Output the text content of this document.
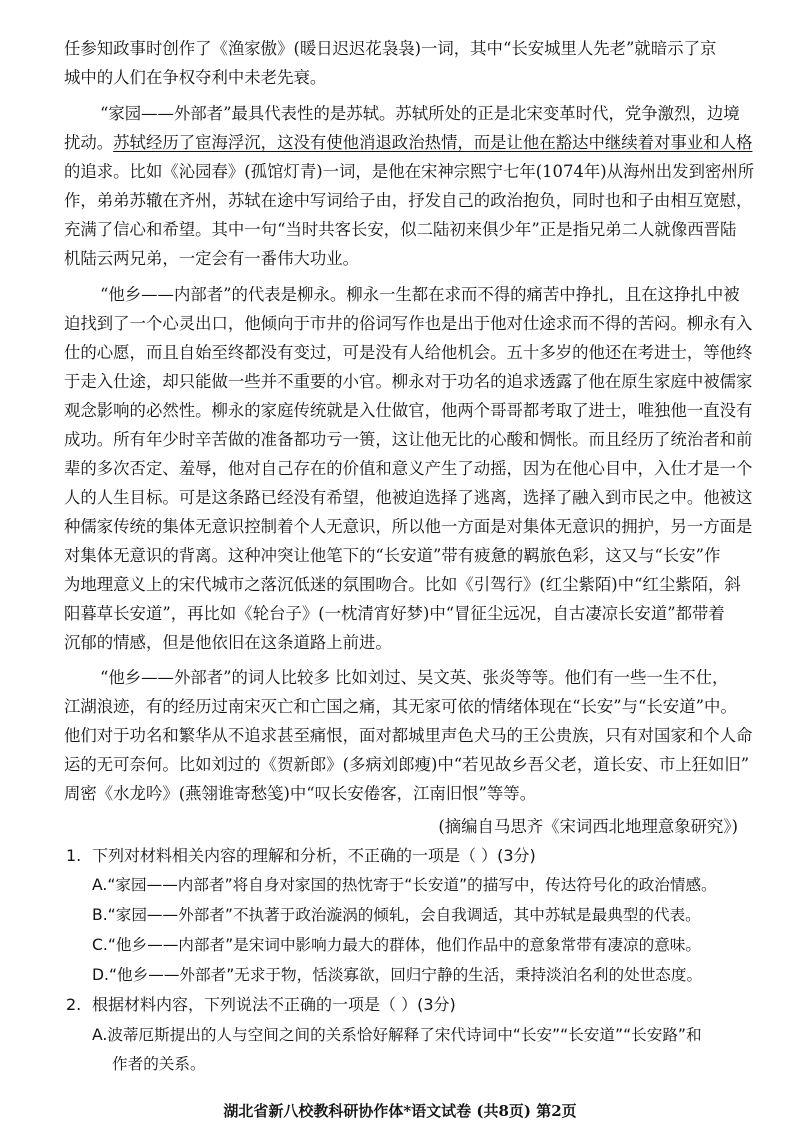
任参知政事时创作了《渔家傲》(暖日迟迟花袅袅)一词，其中“长安城里人先老”就暗示了京
城中的人们在争权夺利中未老先衰。
“家园——外部者”最具代表性的是苏轼。苏轼所处的正是北宋变革时代，党争激烈，边境
扰动。苏轼经历了宦海浮沉，这没有使他消退政治热情，而是让他在豁达中继续着对事业和人格
的追求。比如《沁园春》(孤馆灯青)一词，是他在宋神宗熙宁七年(1074年)从海州出发到密州所
作，弟弟苏辙在齐州，苏轼在途中写词给子由，抒发自己的政治抱负，同时也和子由相互宽慰，
充满了信心和希望。其中一句“当时共客长安，似二陆初来俱少年”正是指兄弟二人就像西晋陆
机陆云两兄弟，一定会有一番伟大功业。
“他乡——内部者”的代表是柳永。柳永一生都在求而不得的痛苦中挣扎，且在这挣扎中被
迫找到了一个心灵出口，他倾向于市井的俗词写作也是出于他对仕途求而不得的苦闷。柳永有入
仕的心愿，而且自始至终都没有变过，可是没有人给他机会。五十多岁的他还在考进士，等他终
于走入仕途，却只能做一些并不重要的小官。柳永对于功名的追求透露了他在原生家庭中被儒家
观念影响的必然性。柳永的家庭传统就是入仕做官，他两个哥哥都考取了进士，唯独他一直没有
成功。所有年少时辛苦做的准备都功亏一篑，这让他无比的心酸和惆怅。而且经历了统治者和前
辈的多次否定、羞辱，他对自己存在的价值和意义产生了动摇，因为在他心目中，入仕才是一个
人的人生目标。可是这条路已经没有希望，他被迫选择了逃离，选择了融入到市民之中。他被这
种儒家传统的集体无意识控制着个人无意识，所以他一方面是对集体无意识的拥护，另一方面是
对集体无意识的背离。这种冲突让他笔下的“长安道”带有疲惫的羁旅色彩，这又与“长安”作
为地理意义上的宋代城市之落沉低迷的氛围吻合。比如《引驾行》(红尘紫陌)中“红尘紫陌，斜
阳暮草长安道”，再比如《轮台子》(一枕清宵好梦)中“冒征尘远况，自古凄凉长安道”都带着
沉郁的情感，但是他依旧在这条道路上前进。
“他乡——外部者”的词人比较多 比如刘过、吴文英、张炎等等。他们有一些一生不仕，
江湖浪迹，有的经历过南宋灭亡和亡国之痛，其无家可依的情绪体现在“长安”与“长安道”中。
他们对于功名和繁华从不追求甚至痛恨，面对都城里声色犬马的王公贵族，只有对国家和个人命
运的无可奈何。比如刘过的《贺新郎》(多病刘郎瘦)中“若见故乡吾父老，道长安、市上狂如旧”
周密《水龙吟》(燕翎谁寄愁笺)中“叹长安倦客，江南旧恨”等等。
(摘编自马思齐《宋词西北地理意象研究》)
1. 下列对材料相关内容的理解和分析，不正确的一项是（ ）(3分)
A.“家园——内部者”将自身对家国的热忱寄于“长安道”的描写中，传达符号化的政治情感。
B.“家园——外部者”不执著于政治漩涡的倾轧，会自我调适，其中苏轼是最典型的代表。
C.“他乡——内部者”是宋词中影响力最大的群体，他们作品中的意象常带有凄凉的意味。
D.“他乡——外部者”无求于物，恬淡寡欲，回归宁静的生活，秉持淡泊名利的处世态度。
2. 根据材料内容，下列说法不正确的一项是（ ）(3分)
A.波蒂厄斯提出的人与空间之间的关系恰好解释了宋代诗词中“长安”“长安道”“长安路”和
作者的关系。
湖北省新八校教科研协作体*语文试卷 (共8页) 第2页
